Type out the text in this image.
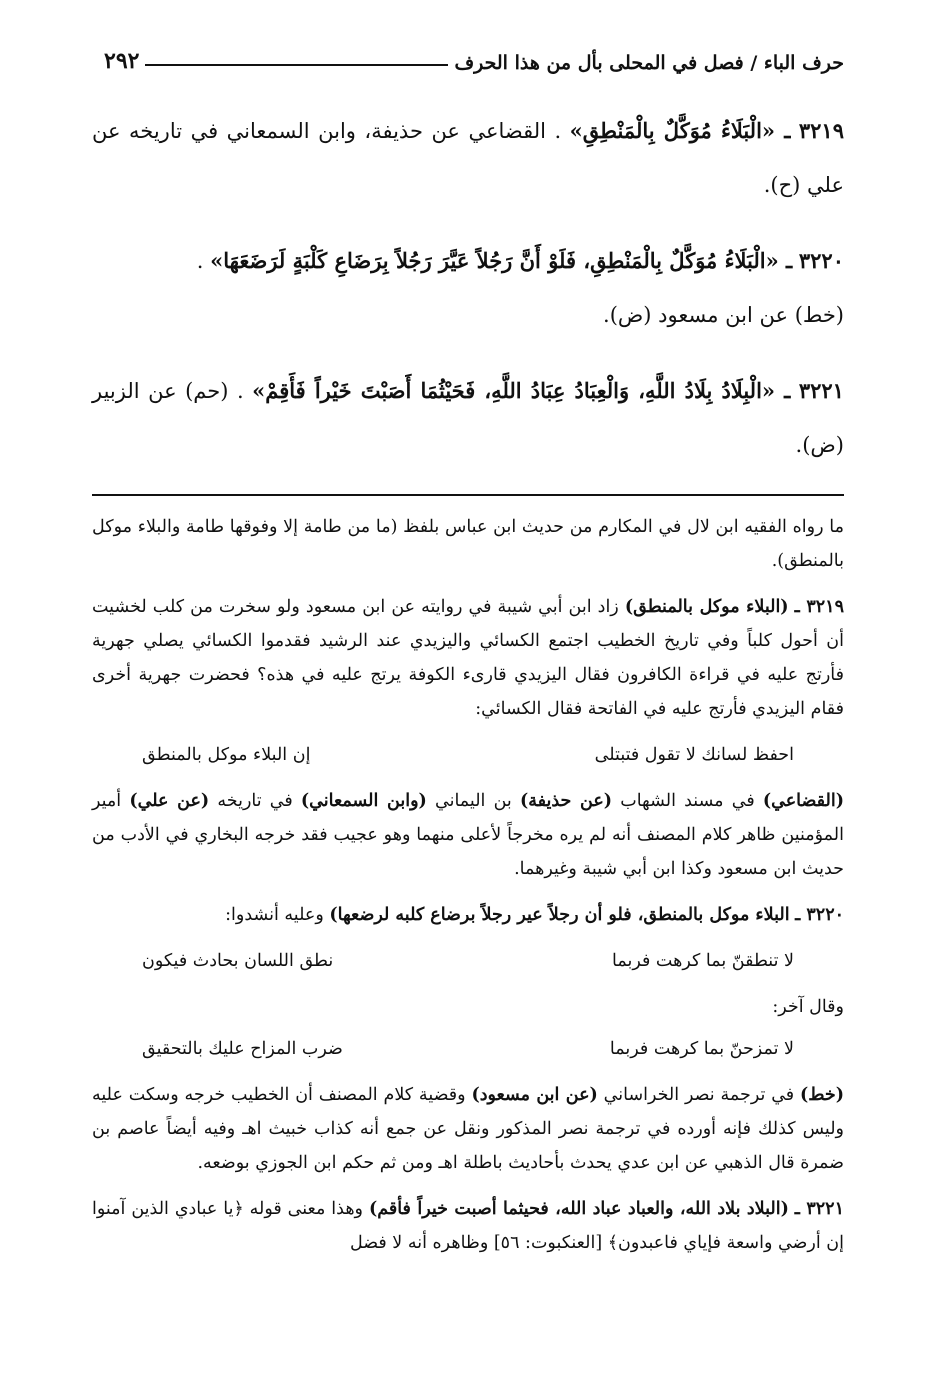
حرف الباء / فصل في المحلى بأل من هذا الحرف
٢٩٢

٣٢١٩ ـ «الْبَلَاءُ مُوَكَّلٌ بِالْمَنْطِقِ» . القضاعي عن حذيفة، وابن السمعاني في تاريخه عن علي (ح).

٣٢٢٠ ـ «الْبَلَاءُ مُوَكَّلٌ بِالْمَنْطِقِ، فَلَوْ أَنَّ رَجُلاً عَيَّرَ رَجُلاً بِرَضَاعِ كَلْبَةٍ لَرَضَعَهَا» .
(خط) عن ابن مسعود (ض).

٣٢٢١ ـ «الْبِلَادُ بِلَادُ اللَّهِ، وَالْعِبَادُ عِبَادُ اللَّهِ، فَحَيْثُمَا أَصَبْتَ خَيْراً فَأَقِمْ» . (حم) عن الزبير (ض).

ما رواه الفقيه ابن لال في المكارم من حديث ابن عباس بلفظ (ما من طامة إلا وفوقها طامة والبلاء موكل بالمنطق).

٣٢١٩ ـ (البلاء موكل بالمنطق) زاد ابن أبي شيبة في روايته عن ابن مسعود ولو سخرت من كلب لخشيت أن أحول كلباً وفي تاريخ الخطيب اجتمع الكسائي واليزيدي عند الرشيد فقدموا الكسائي يصلي جهرية فأرتج عليه في قراءة الكافرون فقال اليزيدي قارىء الكوفة يرتج عليه في هذه؟ فحضرت جهرية أخرى فقام اليزيدي فأرتج عليه في الفاتحة فقال الكسائي:

احفظ لسانك لا تقول فتبتلى
إن البلاء موكل بالمنطق

(القضاعي) في مسند الشهاب (عن حذيفة) بن اليماني (وابن السمعاني) في تاريخه (عن علي) أمير المؤمنين ظاهر كلام المصنف أنه لم يره مخرجاً لأعلى منهما وهو عجيب فقد خرجه البخاري في الأدب من حديث ابن مسعود وكذا ابن أبي شيبة وغيرهما.

٣٢٢٠ ـ البلاء موكل بالمنطق، فلو أن رجلاً عير رجلاً برضاع كلبه لرضعها) وعليه أنشدوا:

لا تنطقنّ بما كرهت فربما
نطق اللسان بحادث فيكون
وقال آخر:
لا تمزحنّ بما كرهت فربما
ضرب المزاح عليك بالتحقيق

(خط) في ترجمة نصر الخراساني (عن ابن مسعود) وقضية كلام المصنف أن الخطيب خرجه وسكت عليه وليس كذلك فإنه أورده في ترجمة نصر المذكور ونقل عن جمع أنه كذاب خبيث اهـ وفيه أيضاً عاصم بن ضمرة قال الذهبي عن ابن عدي يحدث بأحاديث باطلة اهـ ومن ثم حكم ابن الجوزي بوضعه.

٣٢٢١ ـ (البلاد بلاد الله، والعباد عباد الله، فحيثما أصبت خيراً فأقم) وهذا معنى قوله ﴿يا عبادي الذين آمنوا إن أرضي واسعة فإياي فاعبدون﴾ [العنكبوت: ٥٦] وظاهره أنه لا فضل
